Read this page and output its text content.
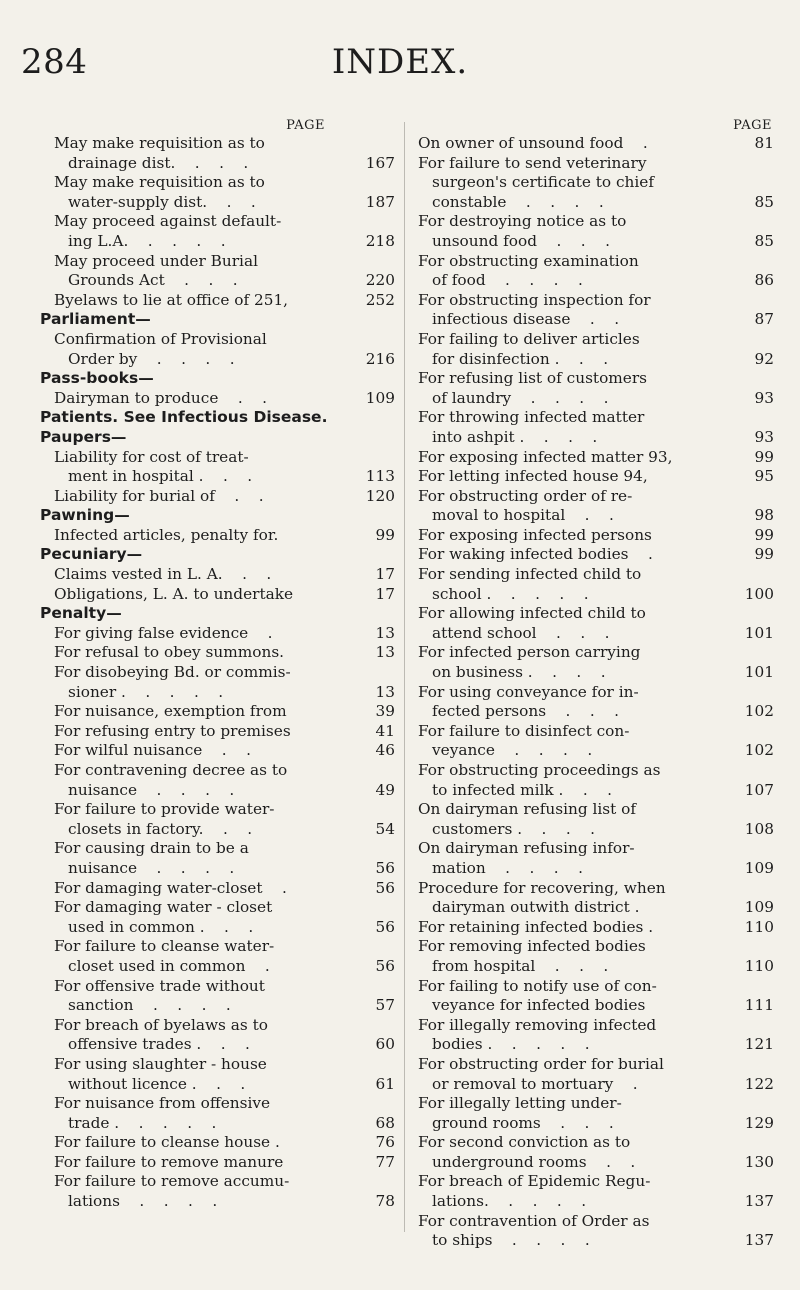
284	INDEX.
PAGE
May make requisition as to
167
drainage dist.    .    .    .
May make requisition as to
187
water-supply dist.    .    .
May proceed against default-
218
ing L.A.    .    .    .    .
May proceed under Burial
220
Grounds Act    .    .    .
252
Byelaws to lie at office of 251,
Parliament—
Confirmation of Provisional
216
Order by    .    .    .    .
Pass-books—
109
Dairyman to produce    .    .
Patients. See Infectious Disease.
Paupers—
Liability for cost of treat-
113
ment in hospital .    .    .
120
Liability for burial of    .    .
Pawning—
99
Infected articles, penalty for.
Pecuniary—
17
Claims vested in L. A.    .    .
17
Obligations, L. A. to undertake
Penalty—
13
For giving false evidence    .
13
For refusal to obey summons.
For disobeying Bd. or commis-
13
sioner .    .    .    .    .
39
For nuisance, exemption from
41
For refusing entry to premises
46
For wilful nuisance    .    .
For contravening decree as to
49
nuisance    .    .    .    .
For failure to provide water-
54
closets in factory.    .    .
For causing drain to be a
56
nuisance    .    .    .    .
56
For damaging water-closet    .
For damaging water - closet
56
used in common .    .    .
For failure to cleanse water-
56
closet used in common    .
For offensive trade without
57
sanction    .    .    .    .
For breach of byelaws as to
60
offensive trades .    .    .
For using slaughter - house
61
without licence .    .    .
For nuisance from offensive
68
trade .    .    .    .    .
76
For failure to cleanse house .
77
For failure to remove manure
For failure to remove accumu-
78
lations    .    .    .    .
PAGE
81
On owner of unsound food    .
For failure to send veterinary
surgeon's certificate to chief
85
constable    .    .    .    .
For destroying notice as to
85
unsound food    .    .    .
For obstructing examination
86
of food    .    .    .    .
For obstructing inspection for
87
infectious disease    .    .
For failing to deliver articles
92
for disinfection .    .    .
For refusing list of customers
93
of laundry    .    .    .    .
For throwing infected matter
93
into ashpit .    .    .    .
99
For exposing infected matter 93,
95
For letting infected house 94,
For obstructing order of re-
98
moval to hospital    .    .
99
For exposing infected persons
99
For waking infected bodies    .
For sending infected child to
100
school .    .    .    .    .
For allowing infected child to
101
attend school    .    .    .
For infected person carrying
101
on business .    .    .    .
For using conveyance for in-
102
fected persons    .    .    .
For failure to disinfect con-
102
veyance    .    .    .    .
For obstructing proceedings as
107
to infected milk .    .    .
On dairyman refusing list of
108
customers .    .    .    .
On dairyman refusing infor-
109
mation    .    .    .    .
Procedure for recovering, when
109
dairyman outwith district .
110
For retaining infected bodies .
For removing infected bodies
110
from hospital    .    .    .
For failing to notify use of con-
111
veyance for infected bodies
For illegally removing infected
121
bodies .    .    .    .    .
For obstructing order for burial
122
or removal to mortuary    .
For illegally letting under-
129
ground rooms    .    .    .
For second conviction as to
130
underground rooms    .    .
For breach of Epidemic Regu-
137
lations.    .    .    .    .
For contravention of Order as
137
to ships    .    .    .    .
